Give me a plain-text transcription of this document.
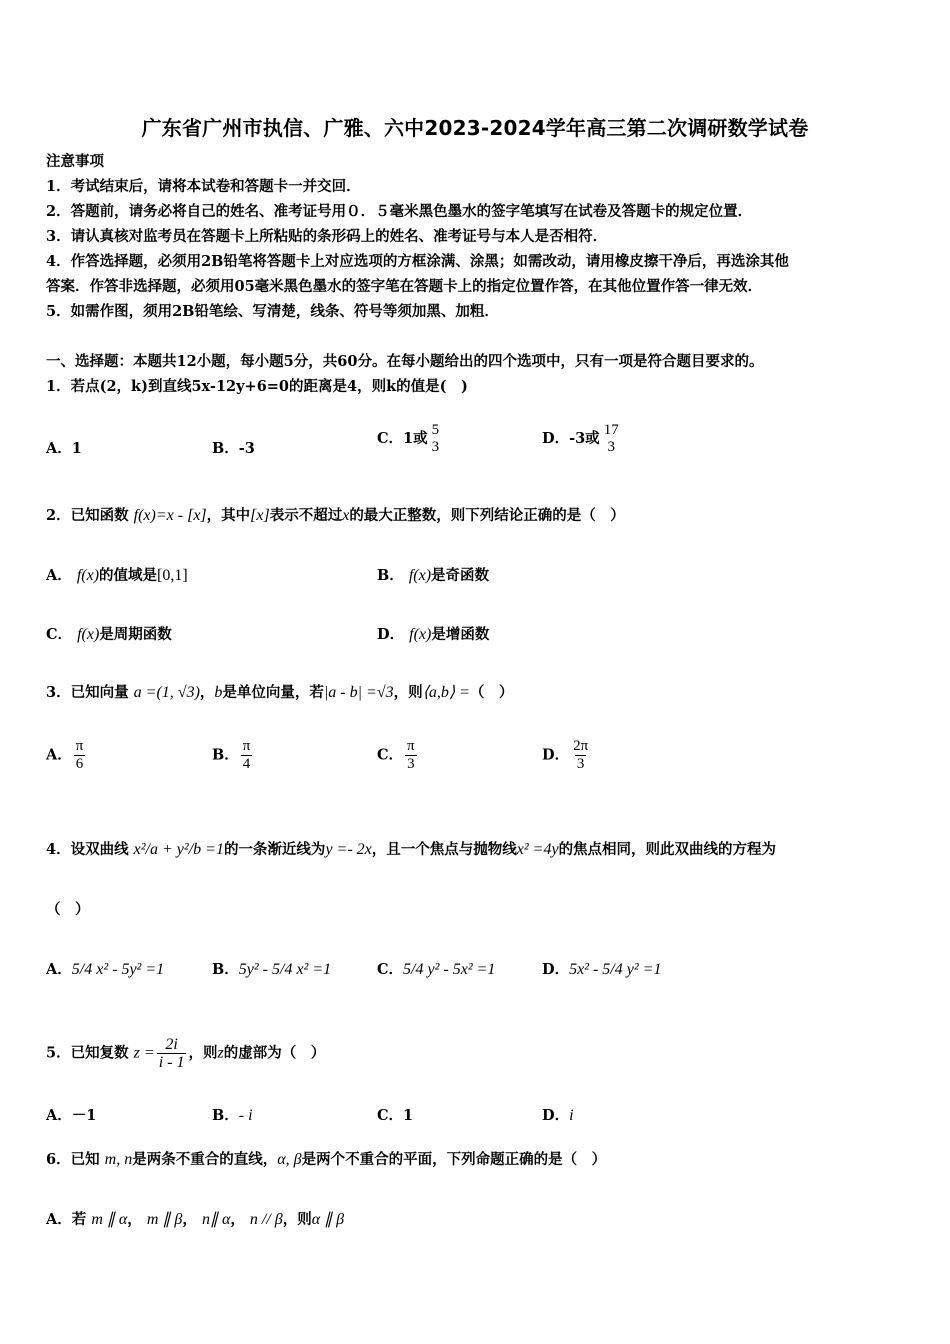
广东省广州市执信、广雅、六中2023-2024学年高三第二次调研数学试卷
注意事项
1．考试结束后，请将本试卷和答题卡一并交回．
2．答题前，请务必将自己的姓名、准考证号用０．５毫米黑色墨水的签字笔填写在试卷及答题卡的规定位置．
3．请认真核对监考员在答题卡上所粘贴的条形码上的姓名、准考证号与本人是否相符．
4．作答选择题，必须用2B铅笔将答题卡上对应选项的方框涂满、涂黑；如需改动，请用橡皮擦干净后，再选涂其他
答案．作答非选择题，必须用05毫米黑色墨水的签字笔在答题卡上的指定位置作答，在其他位置作答一律无效．
5．如需作图，须用2B铅笔绘、写清楚，线条、符号等须加黑、加粗．
一、选择题：本题共12小题，每小题5分，共60分。在每小题给出的四个选项中，只有一项是符合题目要求的。
1．若点(2，k)到直线5x-12y+6=0的距离是4，则k的值是(　)
A．1	B．-3
C．1或 5
3	D．-3或 17
3
2．已知函数 f(x)=x - [x]，其中[x]表示不超过x的最大正整数，则下列结论正确的是（　）
A． f(x)的值域是[0,1]	B． f(x)是奇函数
C． f(x)是周期函数	D． f(x)是增函数
3．已知向量 a =(1, √3)，b是单位向量，若|a - b| =√3，则⟨a,b⟩ =（　）
A． $\frac{\pi}{6}$	B． $\frac{\pi}{4}$	C． $\frac{\pi}{3}$	D． $\frac{2\pi}{3}$
4．设双曲线 x²/a + y²/b =1的一条渐近线为y =- 2x，且一个焦点与抛物线x² =4y的焦点相同，则此双曲线的方程为
（　）
A．5/4 x² - 5y² =1	B．5y² - 5/4 x² =1	C．5/4 y² - 5x² =1	D．5x² - 5/4 y² =1
5．已知复数 $z = \frac{2i}{i - 1}$ ，则z的虚部为（　）
A．－1	B．- i	C．1	D．i
6．已知 m, n是两条不重合的直线，α, β是两个不重合的平面，下列命题正确的是（　）
A．若 m ∥ α， m ∥ β， n∥ α， n // β，则α ∥ β
